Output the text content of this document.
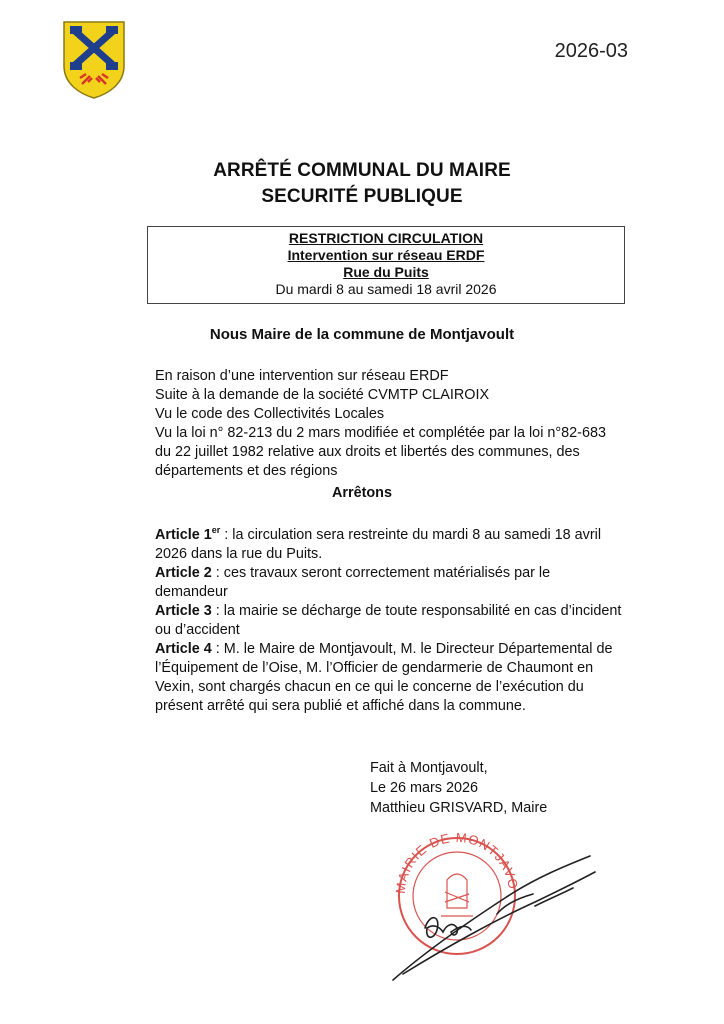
2026-03
ARRÊTÉ COMMUNAL DU MAIRE
SECURITÉ PUBLIQUE
RESTRICTION CIRCULATION
Intervention sur réseau ERDF
Rue du Puits
Du mardi 8 au samedi 18 avril 2026
Nous Maire de la commune de Montjavoult
En raison d’une intervention sur réseau ERDF
Suite à la demande de la société CVMTP CLAIROIX
Vu le code des Collectivités Locales
Vu la loi n° 82-213 du 2 mars modifiée et complétée par la loi n°82-683 du 22 juillet 1982 relative aux droits et libertés des communes, des départements et des régions
Arrêtons

Article 1er : la circulation sera restreinte du mardi 8 au samedi 18 avril 2026 dans la rue du Puits.

Article 2 : ces travaux seront correctement matérialisés par le demandeur

Article 3 : la mairie se décharge de toute responsabilité en cas d’incident ou d’accident

Article 4 : M. le Maire de Montjavoult, M. le Directeur Départemental de l’Équipement de l’Oise, M. l’Officier de gendarmerie de Chaumont en Vexin, sont chargés chacun en ce qui le concerne de l’exécution du présent arrêté qui sera publié et affiché dans la commune.

Fait à Montjavoult,
Le 26 mars 2026
Matthieu GRISVARD, Maire
MAIRIE DE MONTJAVO
